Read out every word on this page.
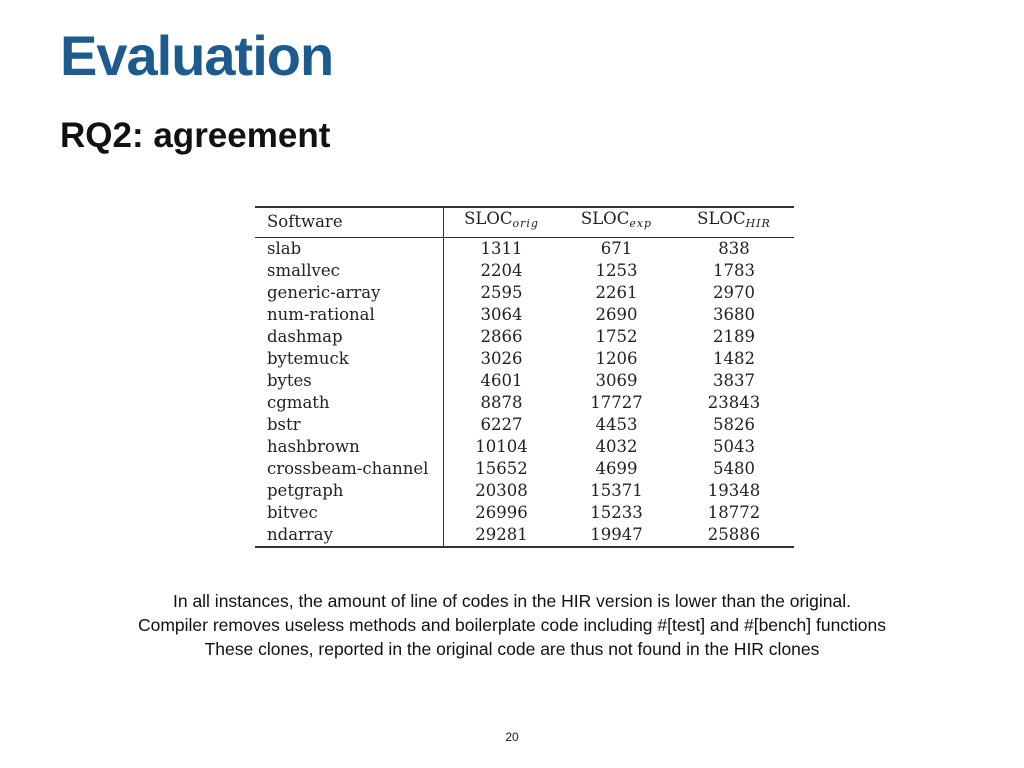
Evaluation
RQ2: agreement
Software	$SLOC_{orig}$	$SLOC_{exp}$	$SLOC_{HIR}$
slab	1311	671	838
smallvec	2204	1253	1783
generic-array	2595	2261	2970
num-rational	3064	2690	3680
dashmap	2866	1752	2189
bytemuck	3026	1206	1482
bytes	4601	3069	3837
cgmath	8878	17727	23843
bstr	6227	4453	5826
hashbrown	10104	4032	5043
crossbeam-channel	15652	4699	5480
petgraph	20308	15371	19348
bitvec	26996	15233	18772
ndarray	29281	19947	25886
In all instances, the amount of line of codes in the HIR version is lower than the original.
Compiler removes useless methods and boilerplate code including #[test] and #[bench] functions
These clones, reported in the original code are thus not found in the HIR clones
20
